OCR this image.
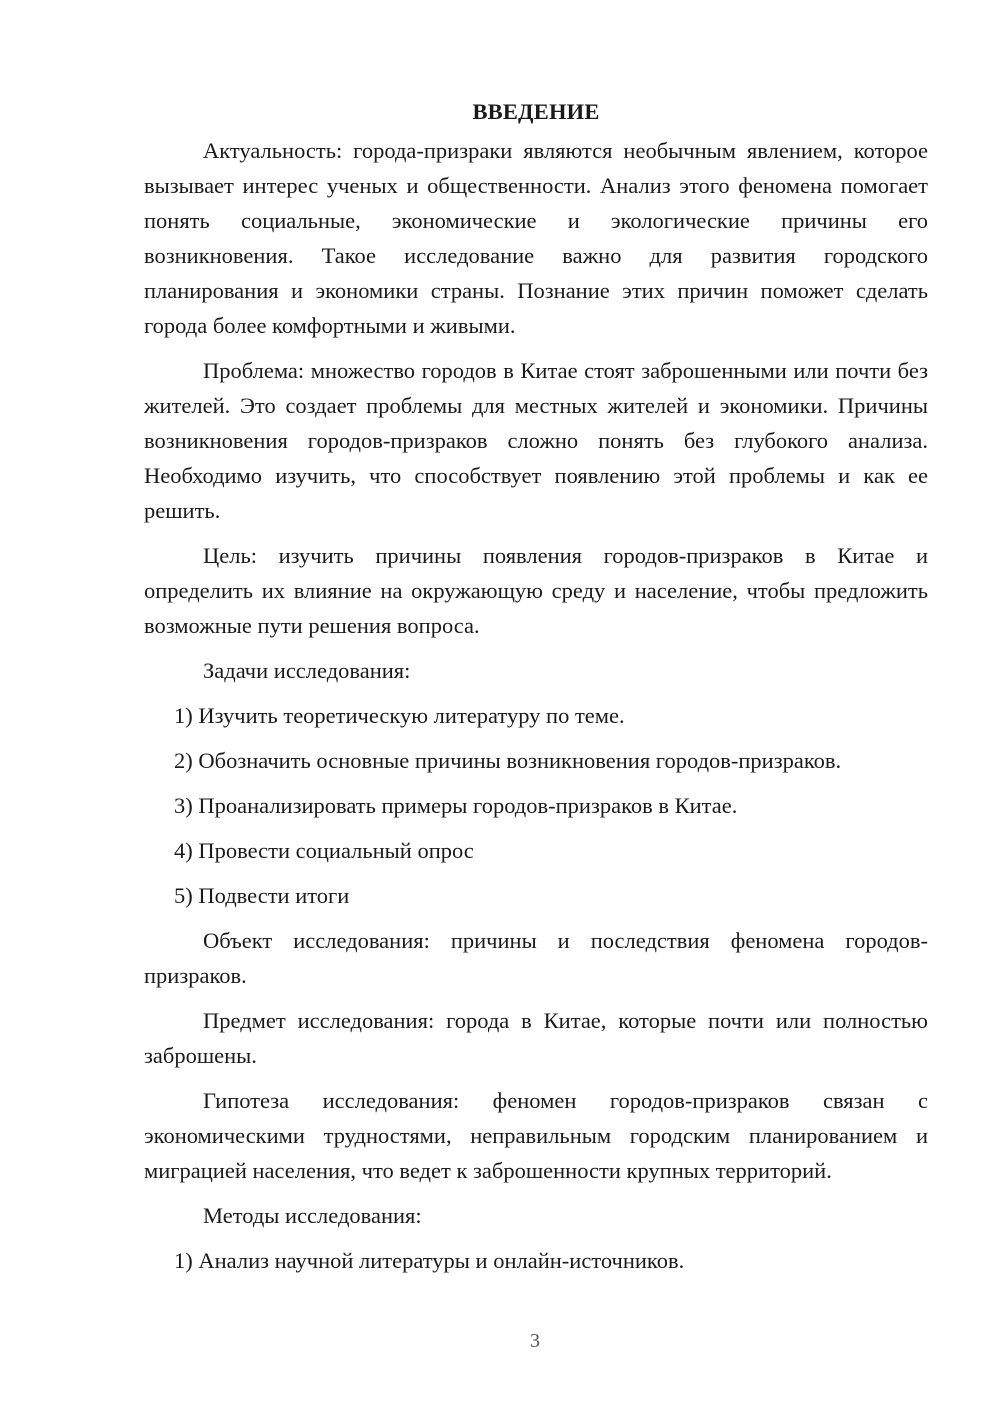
ВВЕДЕНИЕ

Актуальность: города-призраки являются необычным явлением, которое вызывает интерес ученых и общественности. Анализ этого феномена помогает понять социальные, экономические и экологические причины его возникновения. Такое исследование важно для развития городского планирования и экономики страны. Познание этих причин поможет сделать города более комфортными и живыми.

Проблема: множество городов в Китае стоят заброшенными или почти без жителей. Это создает проблемы для местных жителей и экономики. Причины возникновения городов-призраков сложно понять без глубокого анализа. Необходимо изучить, что способствует появлению этой проблемы и как ее решить.

Цель: изучить причины появления городов-призраков в Китае и определить их влияние на окружающую среду и население, чтобы предложить возможные пути решения вопроса.

Задачи исследования:

1) Изучить теоретическую литературу по теме.

2) Обозначить основные причины возникновения городов-призраков.

3) Проанализировать примеры городов-призраков в Китае.

4) Провести социальный опрос

5) Подвести итоги

Объект исследования: причины и последствия феномена городов-призраков.

Предмет исследования: города в Китае, которые почти или полностью заброшены.

Гипотеза исследования: феномен городов-призраков связан с экономическими трудностями, неправильным городским планированием и миграцией населения, что ведет к заброшенности крупных территорий.

Методы исследования:

1) Анализ научной литературы и онлайн-источников.

3
